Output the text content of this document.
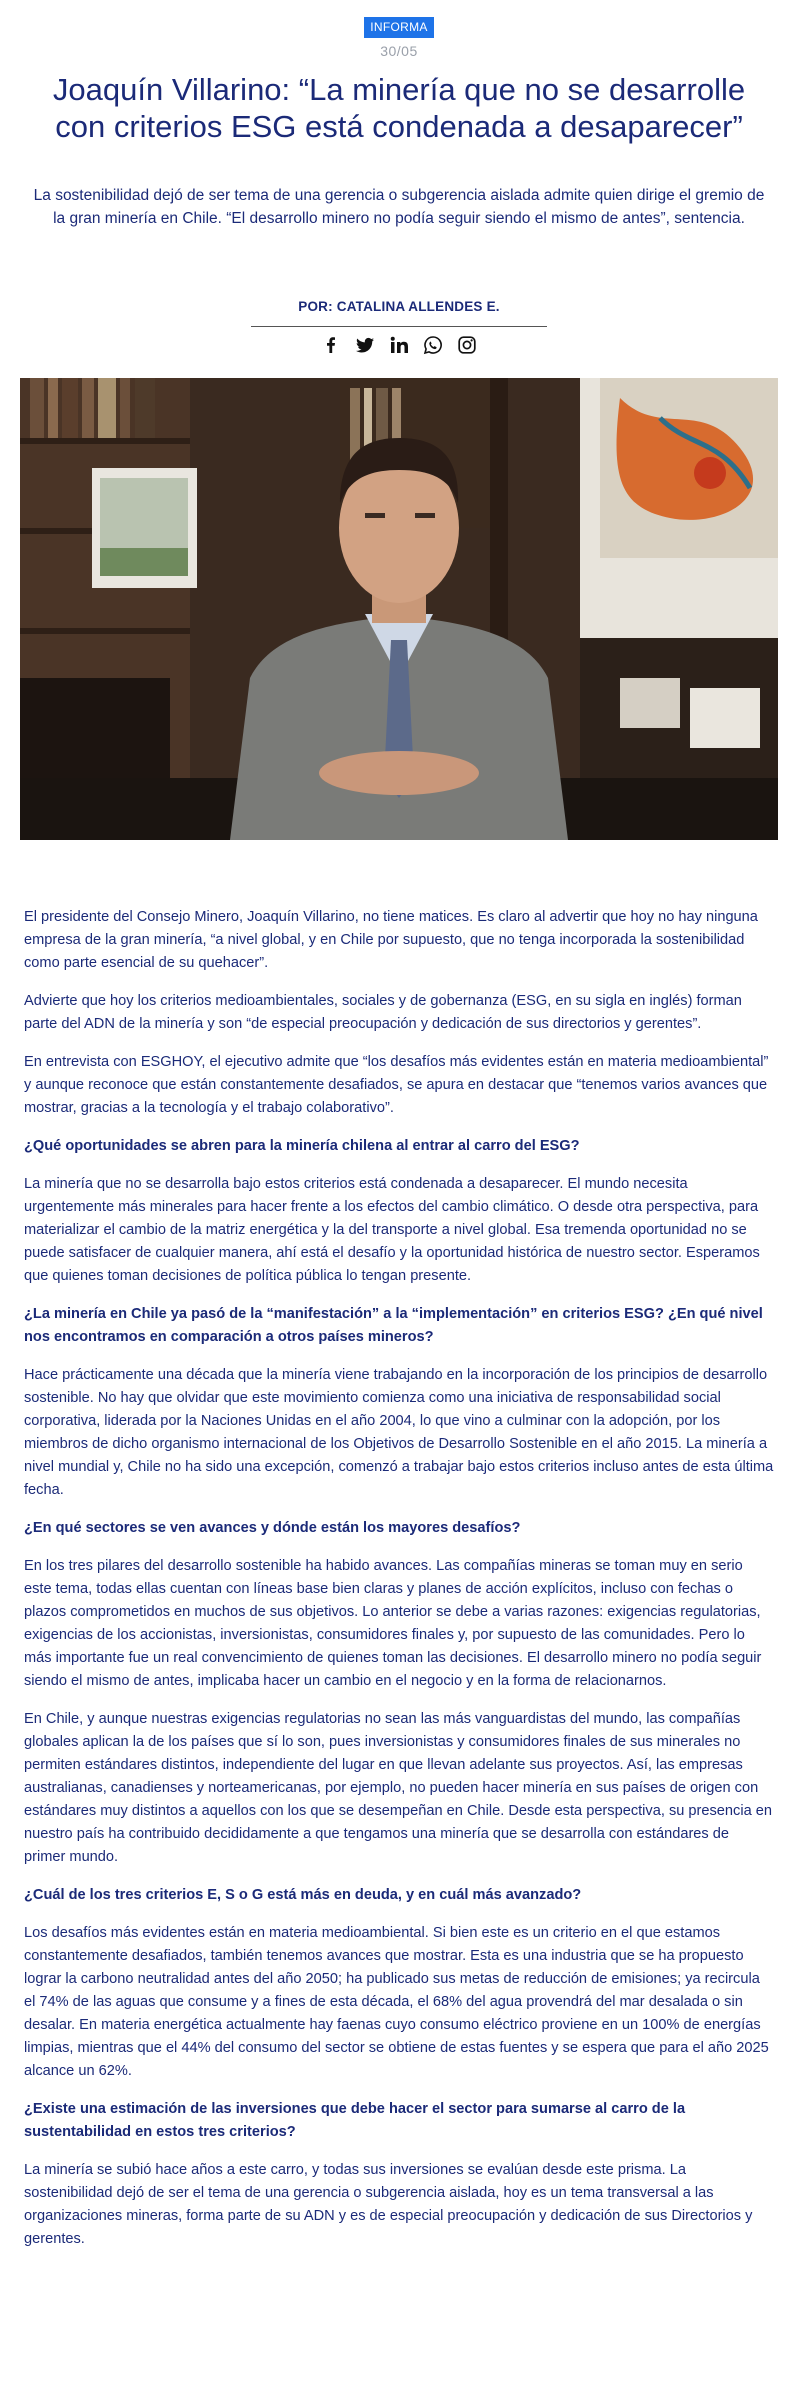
INFORMA
30/05
Joaquín Villarino: “La minería que no se desarrolle con criterios ESG está condenada a desaparecer”
La sostenibilidad dejó de ser tema de una gerencia o subgerencia aislada admite quien dirige el gremio de la gran minería en Chile. “El desarrollo minero no podía seguir siendo el mismo de antes”, sentencia.
POR: CATALINA ALLENDES E.

El presidente del Consejo Minero, Joaquín Villarino, no tiene matices. Es claro al advertir que hoy no hay ninguna empresa de la gran minería, “a nivel global, y en Chile por supuesto, que no tenga incorporada la sostenibilidad como parte esencial de su quehacer”.

Advierte que hoy los criterios medioambientales, sociales y de gobernanza (ESG, en su sigla en inglés) forman parte del ADN de la minería y son “de especial preocupación y dedicación de sus directorios y gerentes”.

En entrevista con ESGHOY, el ejecutivo admite que “los desafíos más evidentes están en materia medioambiental” y aunque reconoce que están constantemente desafiados, se apura en destacar que “tenemos varios avances que mostrar, gracias a la tecnología y el trabajo colaborativo”.

¿Qué oportunidades se abren para la minería chilena al entrar al carro del ESG?

La minería que no se desarrolla bajo estos criterios está condenada a desaparecer. El mundo necesita urgentemente más minerales para hacer frente a los efectos del cambio climático. O desde otra perspectiva, para materializar el cambio de la matriz energética y la del transporte a nivel global. Esa tremenda oportunidad no se puede satisfacer de cualquier manera, ahí está el desafío y la oportunidad histórica de nuestro sector. Esperamos que quienes toman decisiones de política pública lo tengan presente.

¿La minería en Chile ya pasó de la “manifestación” a la “implementación” en criterios ESG? ¿En qué nivel nos encontramos en comparación a otros países mineros?

Hace prácticamente una década que la minería viene trabajando en la incorporación de los principios de desarrollo sostenible. No hay que olvidar que este movimiento comienza como una iniciativa de responsabilidad social corporativa, liderada por la Naciones Unidas en el año 2004, lo que vino a culminar con la adopción, por los miembros de dicho organismo internacional de los Objetivos de Desarrollo Sostenible en el año 2015. La minería a nivel mundial y, Chile no ha sido una excepción, comenzó a trabajar bajo estos criterios incluso antes de esta última fecha.

¿En qué sectores se ven avances y dónde están los mayores desafíos?

En los tres pilares del desarrollo sostenible ha habido avances. Las compañías mineras se toman muy en serio este tema, todas ellas cuentan con líneas base bien claras y planes de acción explícitos, incluso con fechas o plazos comprometidos en muchos de sus objetivos. Lo anterior se debe a varias razones: exigencias regulatorias, exigencias de los accionistas, inversionistas, consumidores finales y, por supuesto de las comunidades. Pero lo más importante fue un real convencimiento de quienes toman las decisiones. El desarrollo minero no podía seguir siendo el mismo de antes, implicaba hacer un cambio en el negocio y en la forma de relacionarnos.

En Chile, y aunque nuestras exigencias regulatorias no sean las más vanguardistas del mundo, las compañías globales aplican la de los países que sí lo son, pues inversionistas y consumidores finales de sus minerales no permiten estándares distintos, independiente del lugar en que llevan adelante sus proyectos. Así, las empresas australianas, canadienses y norteamericanas, por ejemplo, no pueden hacer minería en sus países de origen con estándares muy distintos a aquellos con los que se desempeñan en Chile. Desde esta perspectiva, su presencia en nuestro país ha contribuido decididamente a que tengamos una minería que se desarrolla con estándares de primer mundo.

¿Cuál de los tres criterios E, S o G está más en deuda, y en cuál más avanzado?

Los desafíos más evidentes están en materia medioambiental. Si bien este es un criterio en el que estamos constantemente desafiados, también tenemos avances que mostrar. Esta es una industria que se ha propuesto lograr la carbono neutralidad antes del año 2050; ha publicado sus metas de reducción de emisiones; ya recircula el 74% de las aguas que consume y a fines de esta década, el 68% del agua provendrá del mar desalada o sin desalar. En materia energética actualmente hay faenas cuyo consumo eléctrico proviene en un 100% de energías limpias, mientras que el 44% del consumo del sector se obtiene de estas fuentes y se espera que para el año 2025 alcance un 62%.

¿Existe una estimación de las inversiones que debe hacer el sector para sumarse al carro de la sustentabilidad en estos tres criterios?

La minería se subió hace años a este carro, y todas sus inversiones se evalúan desde este prisma. La sostenibilidad dejó de ser el tema de una gerencia o subgerencia aislada, hoy es un tema transversal a las organizaciones mineras, forma parte de su ADN y es de especial preocupación y dedicación de sus Directorios y gerentes.
